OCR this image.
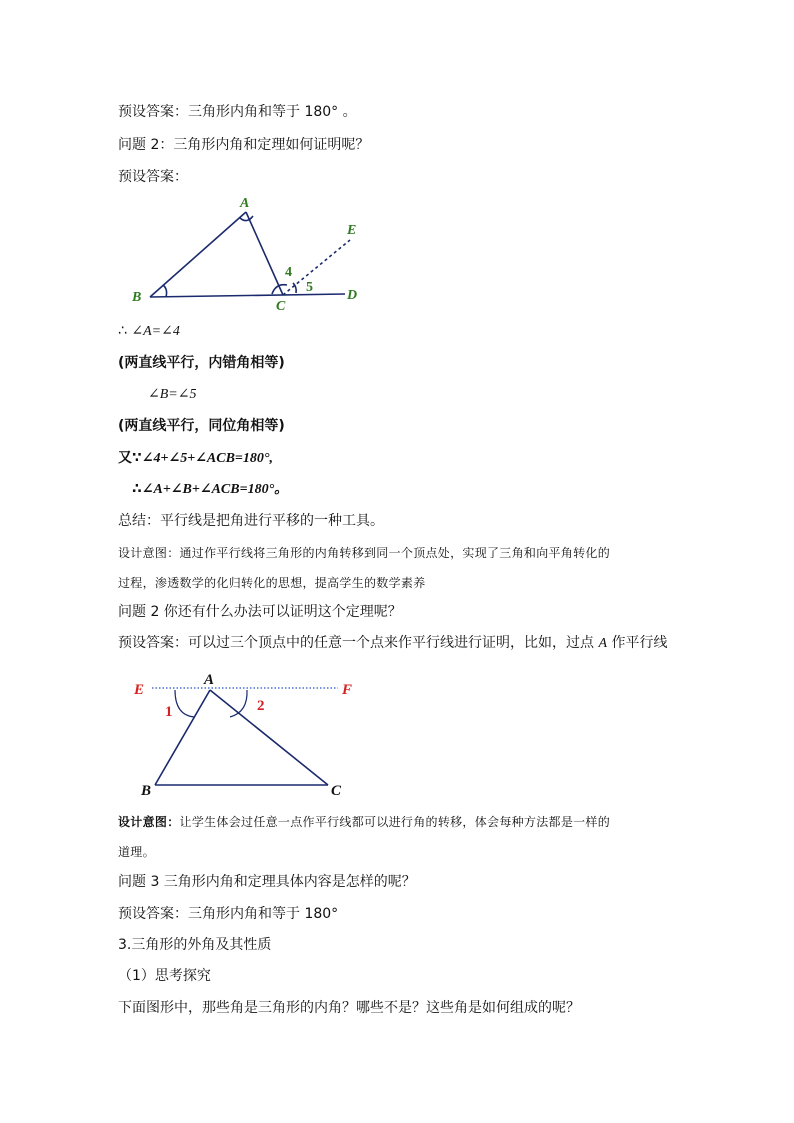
预设答案：三角形内角和等于 180° 。
问题 2：三角形内角和定理如何证明呢？
预设答案：
A
B
C
D
E
4
5
∴ ∠A=∠4
(两直线平行，内错角相等)
∠B=∠5
(两直线平行，同位角相等)
又∵∠4+∠5+∠ACB=180°,
∴∠A+∠B+∠ACB=180°。
总结：平行线是把角进行平移的一种工具。
设计意图：通过作平行线将三角形的内角转移到同一个顶点处，实现了三角和向平角转化的
过程，渗透数学的化归转化的思想，提高学生的数学素养
问题 2 你还有什么办法可以证明这个定理呢？
预设答案：可以过三个顶点中的任意一个点来作平行线进行证明，比如，过点 A 作平行线
E	F
A
B	C
1	2
设计意图：让学生体会过任意一点作平行线都可以进行角的转移，体会每种方法都是一样的
道理。
问题 3 三角形内角和定理具体内容是怎样的呢？
预设答案：三角形内角和等于 180°
3.三角形的外角及其性质
（1）思考探究
下面图形中，那些角是三角形的内角？哪些不是？这些角是如何组成的呢？
